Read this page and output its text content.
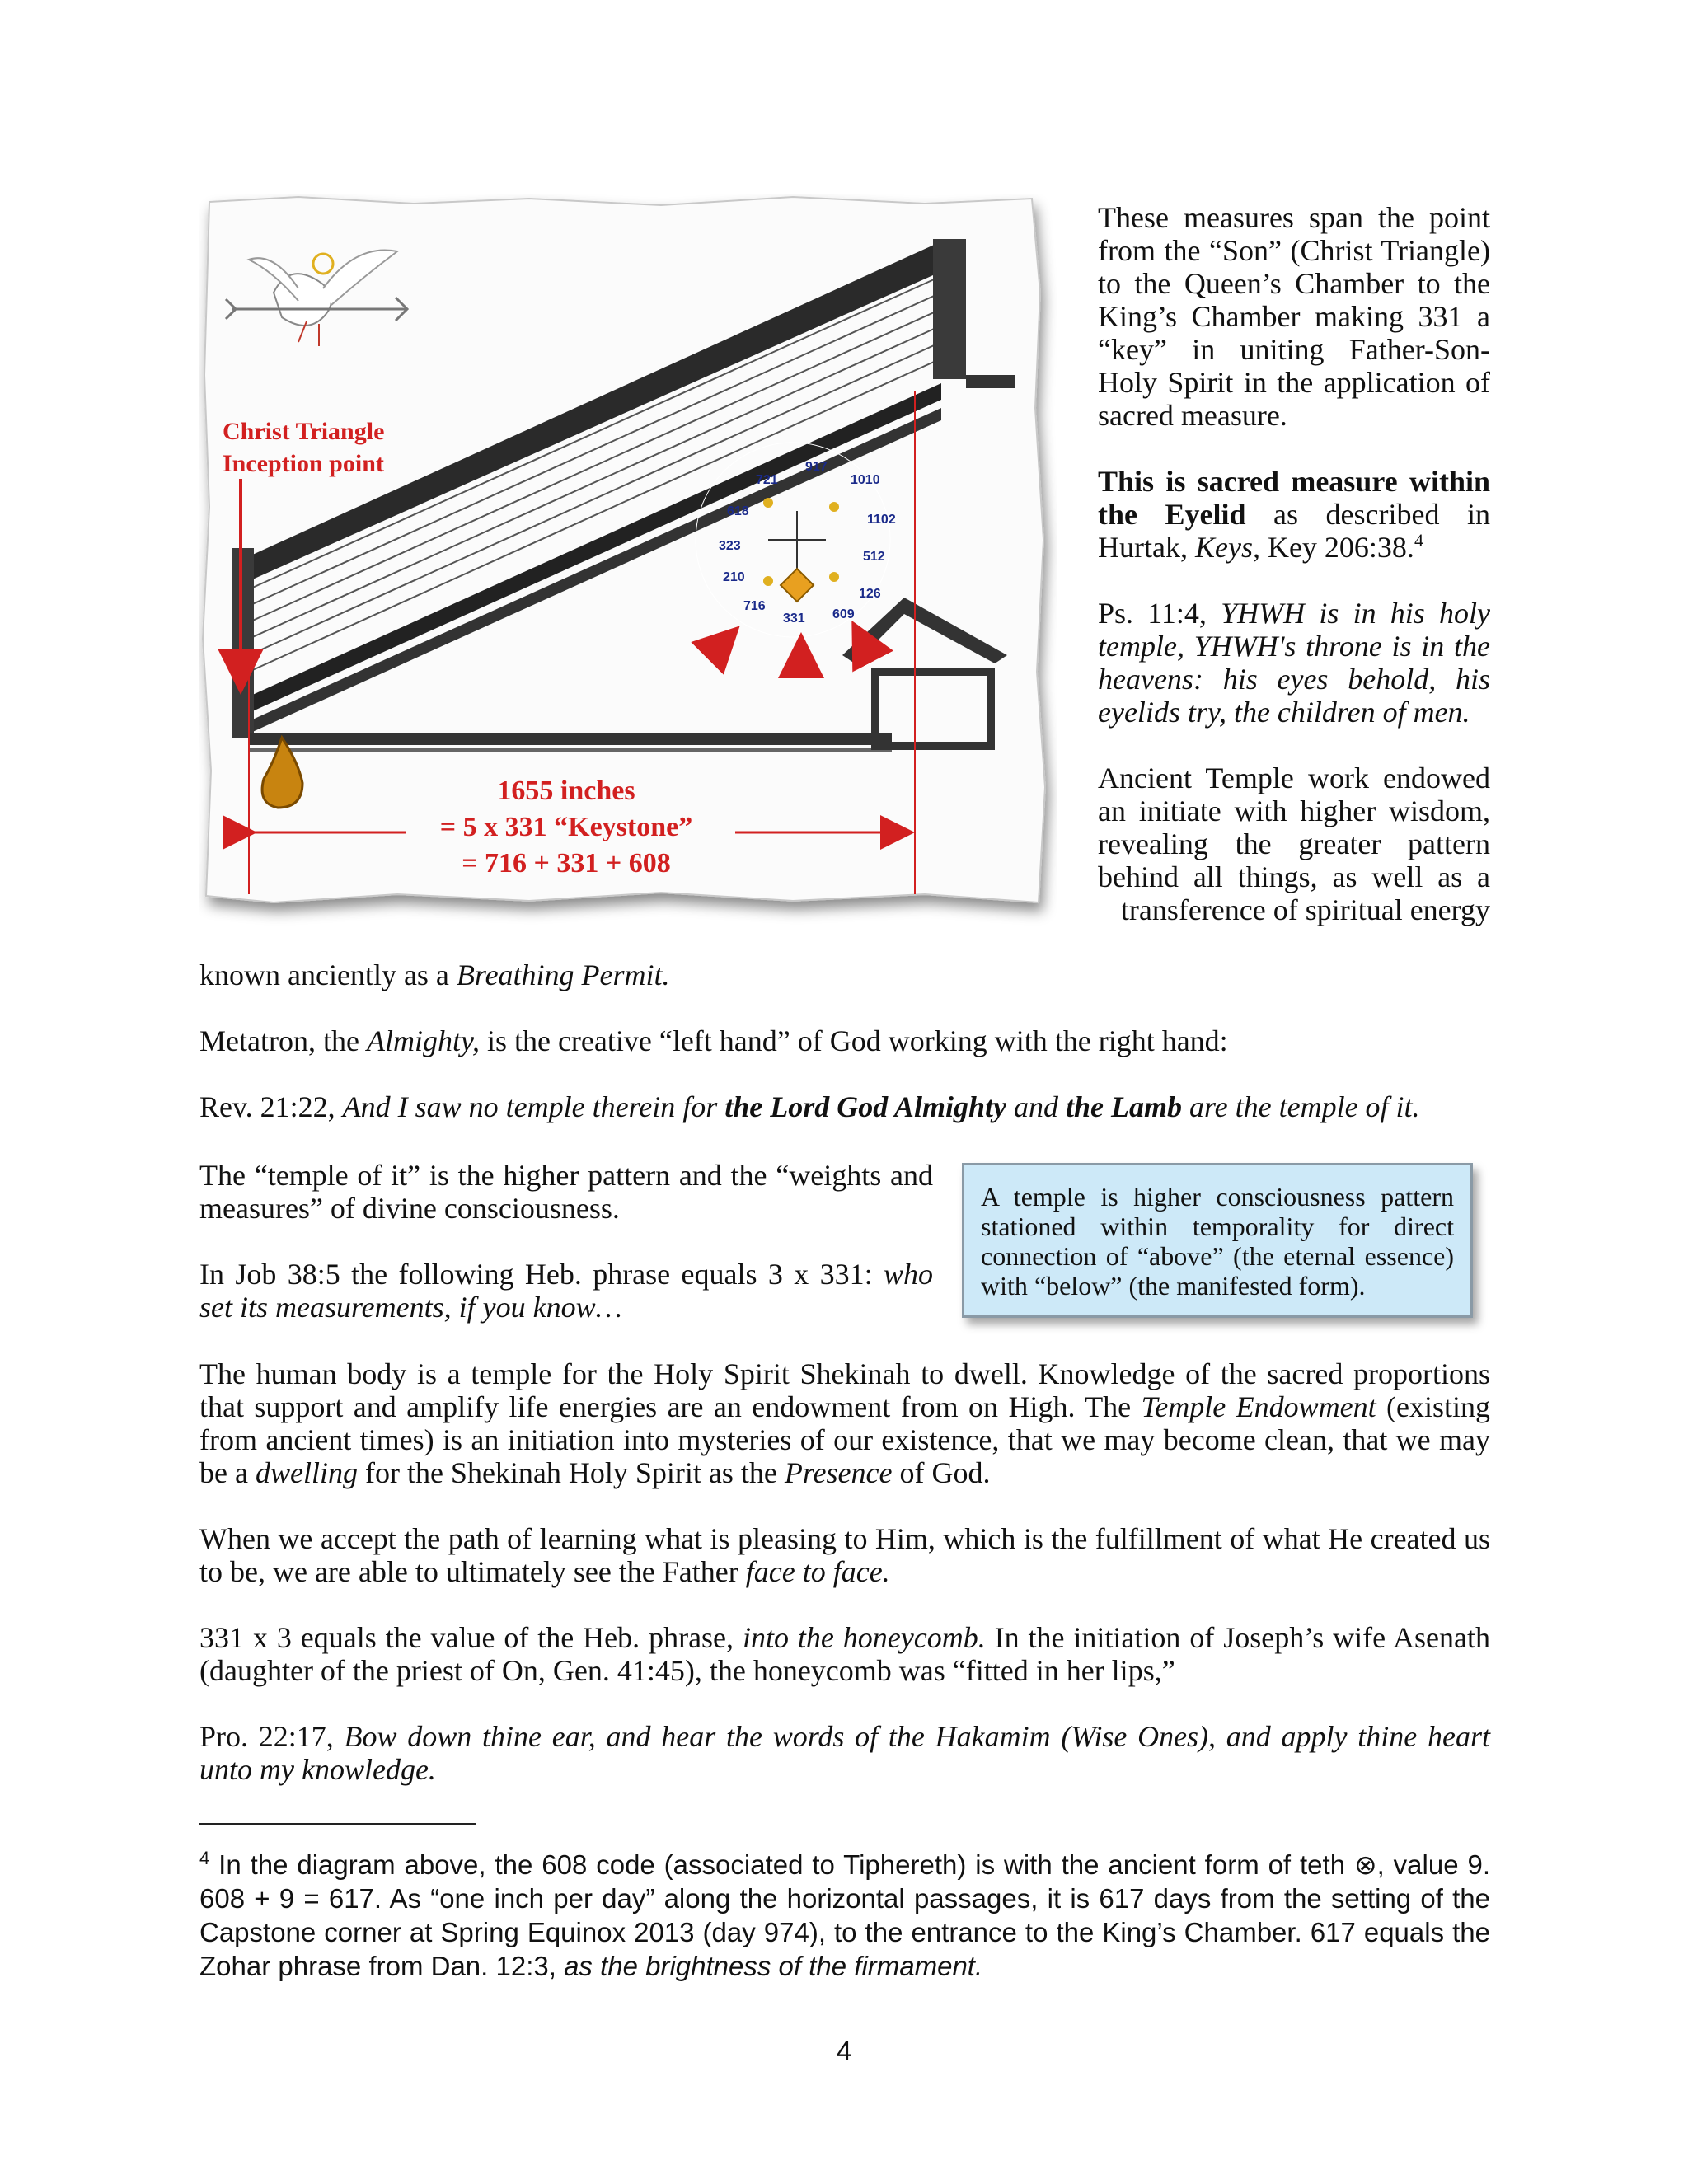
917
1010
1102
512
126
609
331
716
210
323
618
721
Christ Triangle
Inception point
1655 inches
= 5 x 331 “Keystone”
= 716 + 331 + 608

These measures span the point from the “Son” (Christ Triangle) to the Queen’s Chamber to the King’s Chamber making 331 a “key” in uniting Father-Son-Holy Spirit in the application of sacred measure.

This is sacred measure within the Eyelid as described in Hurtak, Keys, Key 206:38.$^4$

Ps. 11:4, YHWH is in his holy temple, YHWH's throne is in the heavens: his eyes behold, his eyelids try, the children of men.

Ancient Temple work endowed an initiate with higher wisdom, revealing the greater pattern behind all things, as well as a transference of spiritual energy

known anciently as a Breathing Permit.

Metatron, the Almighty, is the creative “left hand” of God working with the right hand:

Rev. 21:22, And I saw no temple therein for the Lord God Almighty and the Lamb are the temple of it.

The “temple of it” is the higher pattern and the “weights and measures” of divine consciousness.

In Job 38:5 the following Heb. phrase equals 3 x 331: who set its measurements, if you know…

A temple is higher consciousness pattern stationed within temporality for direct connection of “above” (the eternal essence) with “below” (the manifested form).

The human body is a temple for the Holy Spirit Shekinah to dwell. Knowledge of the sacred proportions that support and amplify life energies are an endowment from on High. The Temple Endowment (existing from ancient times) is an initiation into mysteries of our existence, that we may become clean, that we may be a dwelling for the Shekinah Holy Spirit as the Presence of God.

When we accept the path of learning what is pleasing to Him, which is the fulfillment of what He created us to be, we are able to ultimately see the Father face to face.

331 x 3 equals the value of the Heb. phrase, into the honeycomb. In the initiation of Joseph’s wife Asenath (daughter of the priest of On, Gen. 41:45), the honeycomb was “fitted in her lips,”

Pro. 22:17, Bow down thine ear, and hear the words of the Hakamim (Wise Ones), and apply thine heart unto my knowledge.

$^4$ In the diagram above, the 608 code (associated to Tiphereth) is with the ancient form of teth ⊗, value 9. 608 + 9 = 617. As “one inch per day” along the horizontal passages, it is 617 days from the setting of the Capstone corner at Spring Equinox 2013 (day 974), to the entrance to the King’s Chamber. 617 equals the Zohar phrase from Dan. 12:3, as the brightness of the firmament.

4
